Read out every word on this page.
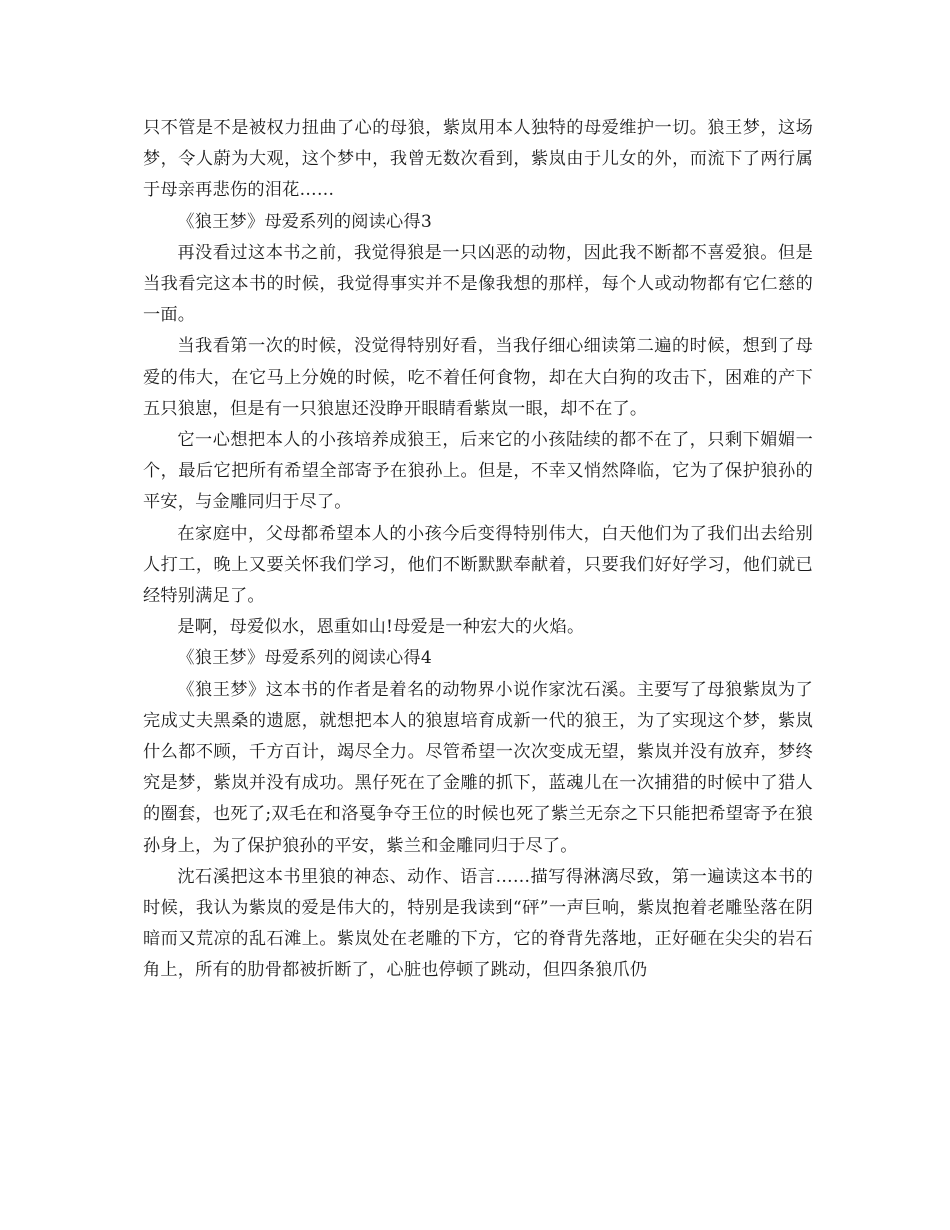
只不管是不是被权力扭曲了心的母狼，紫岚用本人独特的母爱维护一切。狼王梦，这场梦，令人蔚为大观，这个梦中，我曾无数次看到，紫岚由于儿女的外，而流下了两行属于母亲再悲伤的泪花……

《狼王梦》母爱系列的阅读心得3

再没看过这本书之前，我觉得狼是一只凶恶的动物，因此我不断都不喜爱狼。但是当我看完这本书的时候，我觉得事实并不是像我想的那样，每个人或动物都有它仁慈的一面。

当我看第一次的时候，没觉得特别好看，当我仔细心细读第二遍的时候，想到了母爱的伟大，在它马上分娩的时候，吃不着任何食物，却在大白狗的攻击下，困难的产下五只狼崽，但是有一只狼崽还没睁开眼睛看紫岚一眼，却不在了。

它一心想把本人的小孩培养成狼王，后来它的小孩陆续的都不在了，只剩下媚媚一个，最后它把所有希望全部寄予在狼孙上。但是，不幸又悄然降临，它为了保护狼孙的平安，与金雕同归于尽了。

在家庭中，父母都希望本人的小孩今后变得特别伟大，白天他们为了我们出去给别人打工，晚上又要关怀我们学习，他们不断默默奉献着，只要我们好好学习，他们就已经特别满足了。

是啊，母爱似水，恩重如山!母爱是一种宏大的火焰。

《狼王梦》母爱系列的阅读心得4

《狼王梦》这本书的作者是着名的动物界小说作家沈石溪。主要写了母狼紫岚为了完成丈夫黑桑的遗愿，就想把本人的狼崽培育成新一代的狼王，为了实现这个梦，紫岚什么都不顾，千方百计，竭尽全力。尽管希望一次次变成无望，紫岚并没有放弃，梦终究是梦，紫岚并没有成功。黑仔死在了金雕的抓下，蓝魂儿在一次捕猎的时候中了猎人的圈套，也死了;双毛在和洛戛争夺王位的时候也死了紫兰无奈之下只能把希望寄予在狼孙身上，为了保护狼孙的平安，紫兰和金雕同归于尽了。

沈石溪把这本书里狼的神态、动作、语言……描写得淋漓尽致，第一遍读这本书的时候，我认为紫岚的爱是伟大的，特别是我读到“砰”一声巨响，紫岚抱着老雕坠落在阴暗而又荒凉的乱石滩上。紫岚处在老雕的下方，它的脊背先落地，正好砸在尖尖的岩石角上，所有的肋骨都被折断了，心脏也停顿了跳动，但四条狼爪仍
